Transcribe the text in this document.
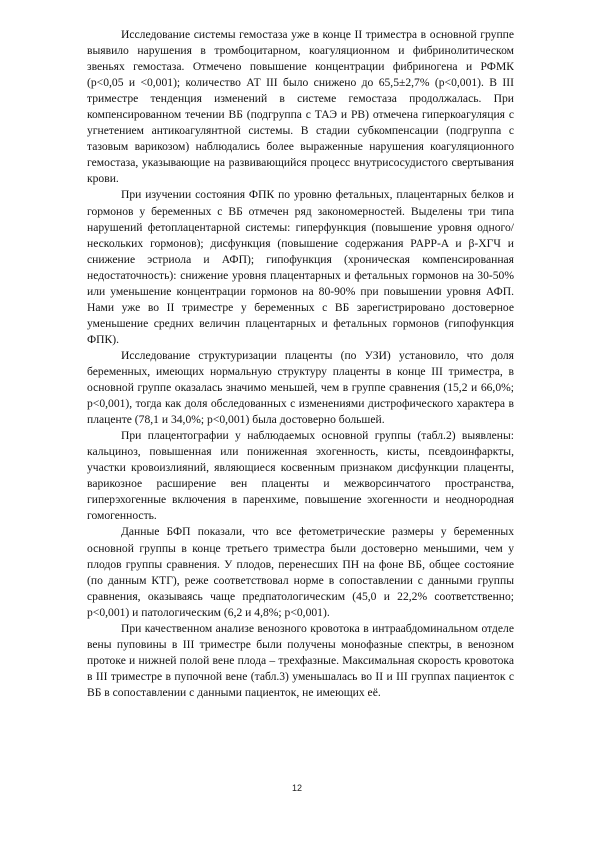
Исследование системы гемостаза уже в конце II триместра в основной группе выявило нарушения в тромбоцитарном, коагуляционном и фибринолитическом звеньях гемостаза. Отмечено повышение концентрации фибриногена и РФМК (p<0,05 и <0,001); количество АТ III было снижено до 65,5±2,7% (p<0,001). В III триместре тенденция изменений в системе гемостаза продолжалась. При компенсированном течении ВБ (подгруппа с ТАЭ и РВ) отмечена гиперкоагуляция с угнетением антикоагулянтной системы. В стадии субкомпенсации (подгруппа с тазовым варикозом) наблюдались более выраженные нарушения коагуляционного гемостаза, указывающие на развивающийся процесс внутрисосудистого свертывания крови.

При изучении состояния ФПК по уровню фетальных, плацентарных белков и гормонов у беременных с ВБ отмечен ряд закономерностей. Выделены три типа нарушений фетоплацентарной системы: гиперфункция (повышение уровня одного/нескольких гормонов); дисфункция (повышение содержания PAPP-A и β-ХГЧ и снижение эстриола и АФП); гипофункция (хроническая компенсированная недостаточность): снижение уровня плацентарных и фетальных гормонов на 30-50% или уменьшение концентрации гормонов на 80-90% при повышении уровня АФП. Нами уже во II триместре у беременных с ВБ зарегистрировано достоверное уменьшение средних величин плацентарных и фетальных гормонов (гипофункция ФПК).

Исследование структуризации плаценты (по УЗИ) установило, что доля беременных, имеющих нормальную структуру плаценты в конце III триместра, в основной группе оказалась значимо меньшей, чем в группе сравнения (15,2 и 66,0%; p<0,001), тогда как доля обследованных с изменениями дистрофического характера в плаценте (78,1 и 34,0%; p<0,001) была достоверно большей.

При плацентографии у наблюдаемых основной группы (табл.2) выявлены: кальциноз, повышенная или пониженная эхогенность, кисты, псевдоинфаркты, участки кровоизлияний, являющиеся косвенным признаком дисфункции плаценты, варикозное расширение вен плаценты и межворсинчатого пространства, гиперэхогенные включения в паренхиме, повышение эхогенности и неоднородная гомогенность.

Данные БФП показали, что все фетометрические размеры у беременных основной группы в конце третьего триместра были достоверно меньшими, чем у плодов группы сравнения. У плодов, перенесших ПН на фоне ВБ, общее состояние (по данным КТГ), реже соответствовал норме в сопоставлении с данными группы сравнения, оказываясь чаще предпатологическим (45,0 и 22,2% соответственно; p<0,001) и патологическим (6,2 и 4,8%; p<0,001).

При качественном анализе венозного кровотока в интраабдоминальном отделе вены пуповины в III триместре были получены монофазные спектры, в венозном протоке и нижней полой вене плода – трехфазные. Максимальная скорость кровотока в III триместре в пупочной вене (табл.3) уменьшалась во II и III группах пациенток с ВБ в сопоставлении с данными пациенток, не имеющих её.

12
